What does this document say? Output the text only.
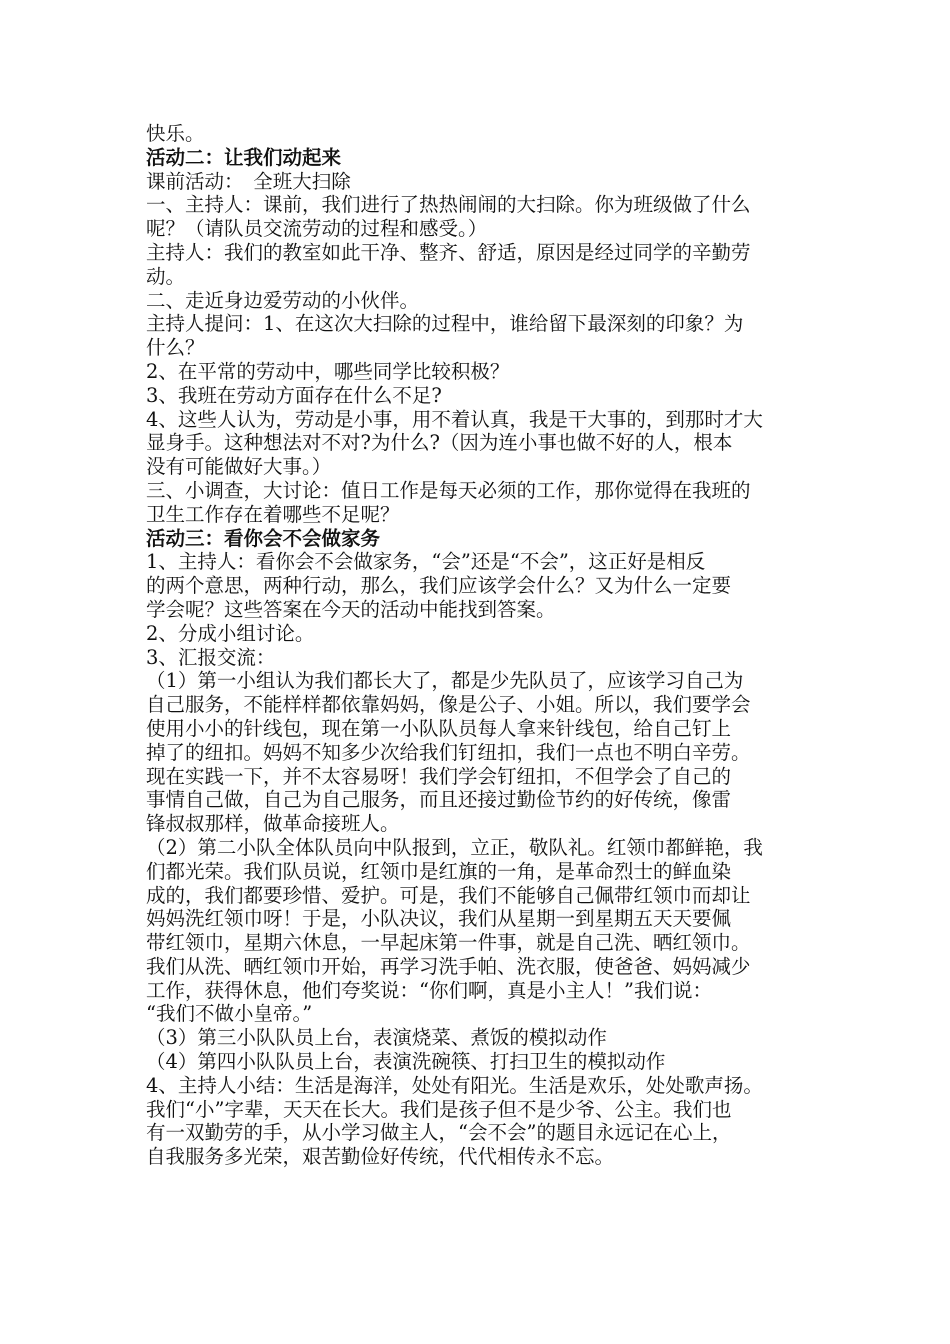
快乐。
活动二：让我们动起来
课前活动：　全班大扫除
一、主持人：课前，我们进行了热热闹闹的大扫除。你为班级做了什么
呢？（请队员交流劳动的过程和感受。）
主持人：我们的教室如此干净、整齐、舒适，原因是经过同学的辛勤劳
动。
二、走近身边爱劳动的小伙伴。
主持人提问：1、在这次大扫除的过程中，谁给留下最深刻的印象？为
什么？
2、在平常的劳动中，哪些同学比较积极？
3、我班在劳动方面存在什么不足?
4、这些人认为，劳动是小事，用不着认真，我是干大事的，到那时才大
显身手。这种想法对不对?为什么?（因为连小事也做不好的人，根本
没有可能做好大事。）
三、小调查，大讨论：值日工作是每天必须的工作，那你觉得在我班的
卫生工作存在着哪些不足呢？
活动三：看你会不会做家务
1、主持人：看你会不会做家务，“会”还是“不会”，这正好是相反
的两个意思，两种行动，那么，我们应该学会什么？又为什么一定要
学会呢？这些答案在今天的活动中能找到答案。
2、分成小组讨论。
3、汇报交流：
（1）第一小组认为我们都长大了，都是少先队员了，应该学习自己为
自己服务，不能样样都依靠妈妈，像是公子、小姐。所以，我们要学会
使用小小的针线包，现在第一小队队员每人拿来针线包，给自己钉上
掉了的纽扣。妈妈不知多少次给我们钉纽扣，我们一点也不明白辛劳。
现在实践一下，并不太容易呀！我们学会钉纽扣，不但学会了自己的
事情自己做，自己为自己服务，而且还接过勤俭节约的好传统，像雷
锋叔叔那样，做革命接班人。
（2）第二小队全体队员向中队报到，立正，敬队礼。红领巾都鲜艳，我
们都光荣。我们队员说，红领巾是红旗的一角，是革命烈士的鲜血染
成的，我们都要珍惜、爱护。可是，我们不能够自己佩带红领巾而却让
妈妈洗红领巾呀！于是，小队决议，我们从星期一到星期五天天要佩
带红领巾，星期六休息，一早起床第一件事，就是自己洗、晒红领巾。
我们从洗、晒红领巾开始，再学习洗手帕、洗衣服，使爸爸、妈妈减少
工作，获得休息，他们夸奖说：“你们啊，真是小主人！”我们说：
“我们不做小皇帝。”
（3）第三小队队员上台，表演烧菜、煮饭的模拟动作
（4）第四小队队员上台，表演洗碗筷、打扫卫生的模拟动作
4、主持人小结：生活是海洋，处处有阳光。生活是欢乐，处处歌声扬。
我们“小”字辈，天天在长大。我们是孩子但不是少爷、公主。我们也
有一双勤劳的手，从小学习做主人，“会不会”的题目永远记在心上，
自我服务多光荣，艰苦勤俭好传统，代代相传永不忘。
